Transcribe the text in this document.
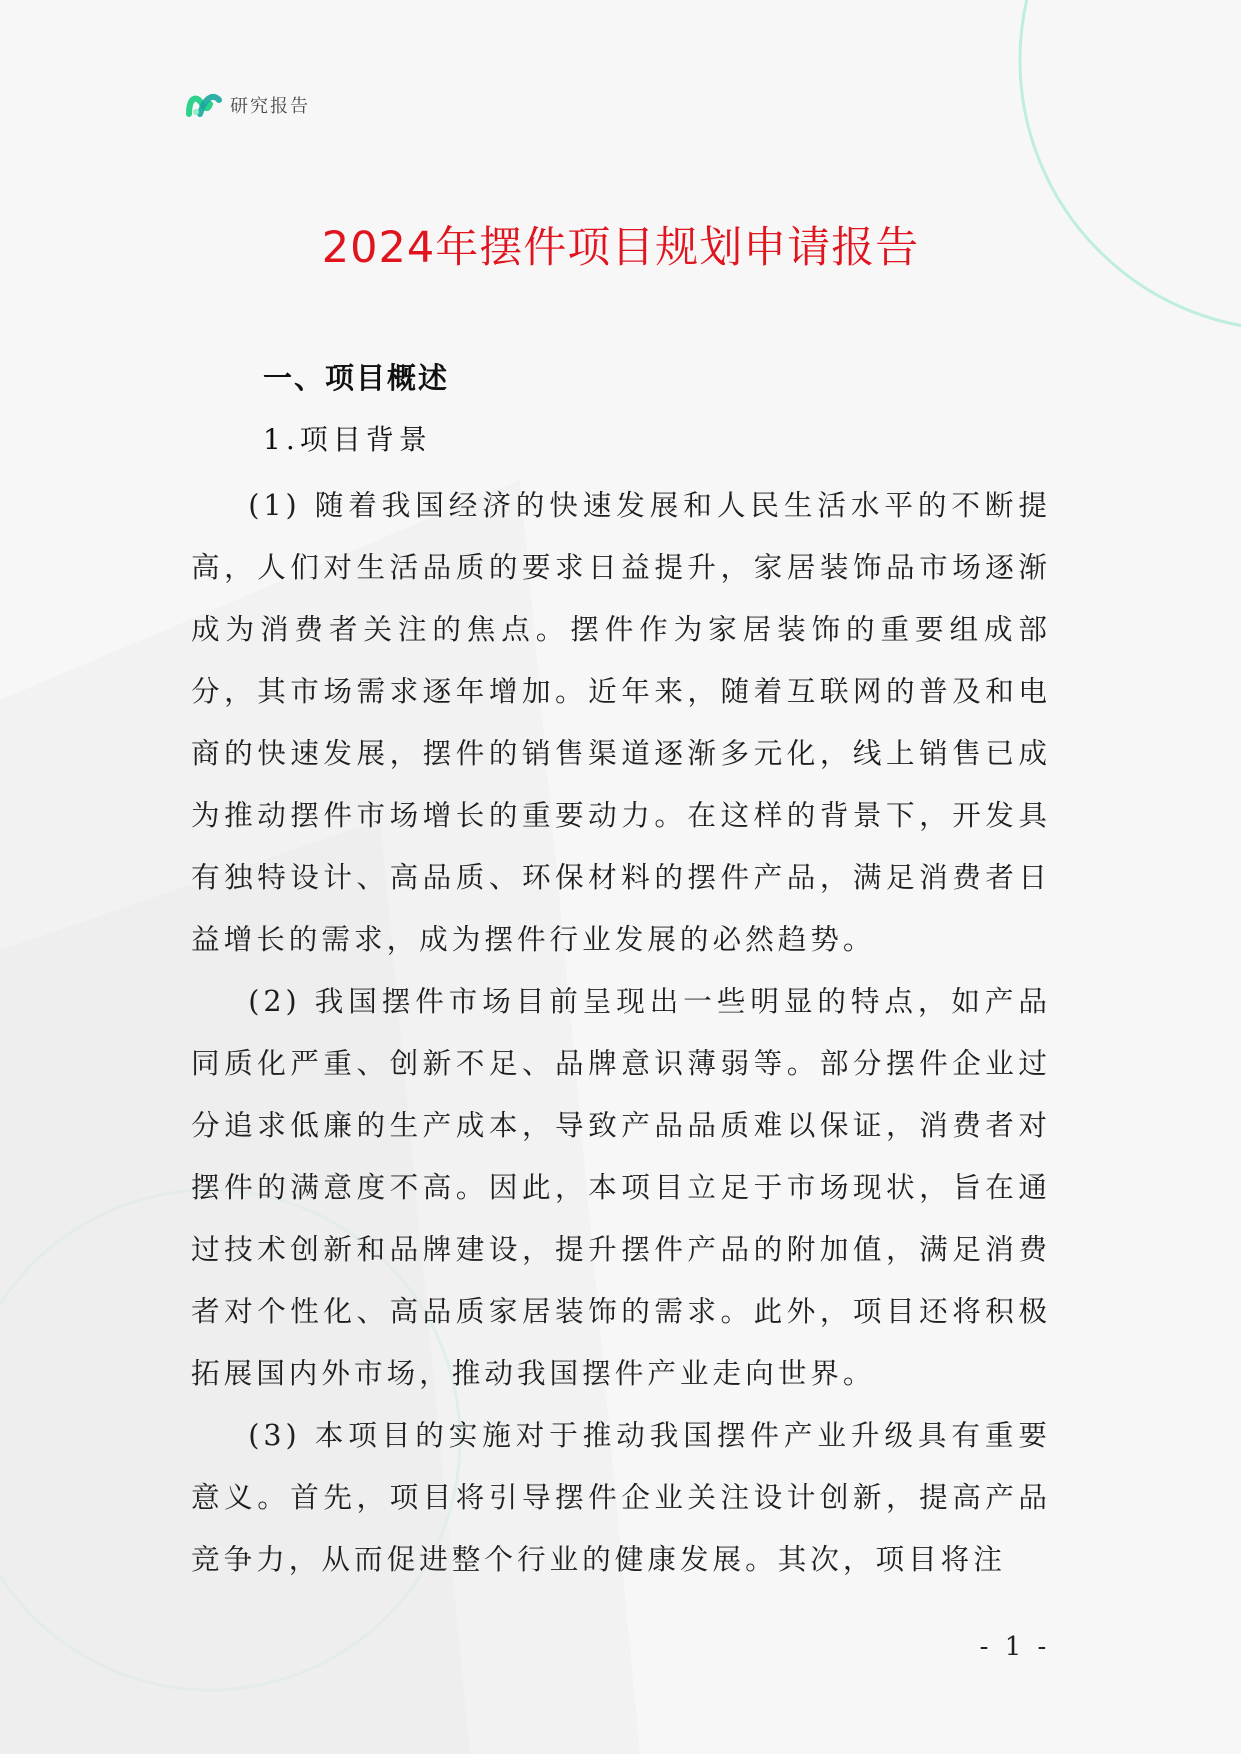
研究报告
2024年摆件项目规划申请报告
一、项目概述
1.项目背景

(1) 随着我国经济的快速发展和人民生活水平的不断提高，人们对生活品质的要求日益提升，家居装饰品市场逐渐成为消费者关注的焦点。摆件作为家居装饰的重要组成部分，其市场需求逐年增加。近年来，随着互联网的普及和电商的快速发展，摆件的销售渠道逐渐多元化，线上销售已成为推动摆件市场增长的重要动力。在这样的背景下，开发具有独特设计、高品质、环保材料的摆件产品，满足消费者日益增长的需求，成为摆件行业发展的必然趋势。

(2) 我国摆件市场目前呈现出一些明显的特点，如产品同质化严重、创新不足、品牌意识薄弱等。部分摆件企业过分追求低廉的生产成本，导致产品品质难以保证，消费者对摆件的满意度不高。因此，本项目立足于市场现状，旨在通过技术创新和品牌建设，提升摆件产品的附加值，满足消费者对个性化、高品质家居装饰的需求。此外，项目还将积极拓展国内外市场，推动我国摆件产业走向世界。

(3) 本项目的实施对于推动我国摆件产业升级具有重要意义。首先，项目将引导摆件企业关注设计创新，提高产品竞争力，从而促进整个行业的健康发展。其次，项目将注

- 1 -
